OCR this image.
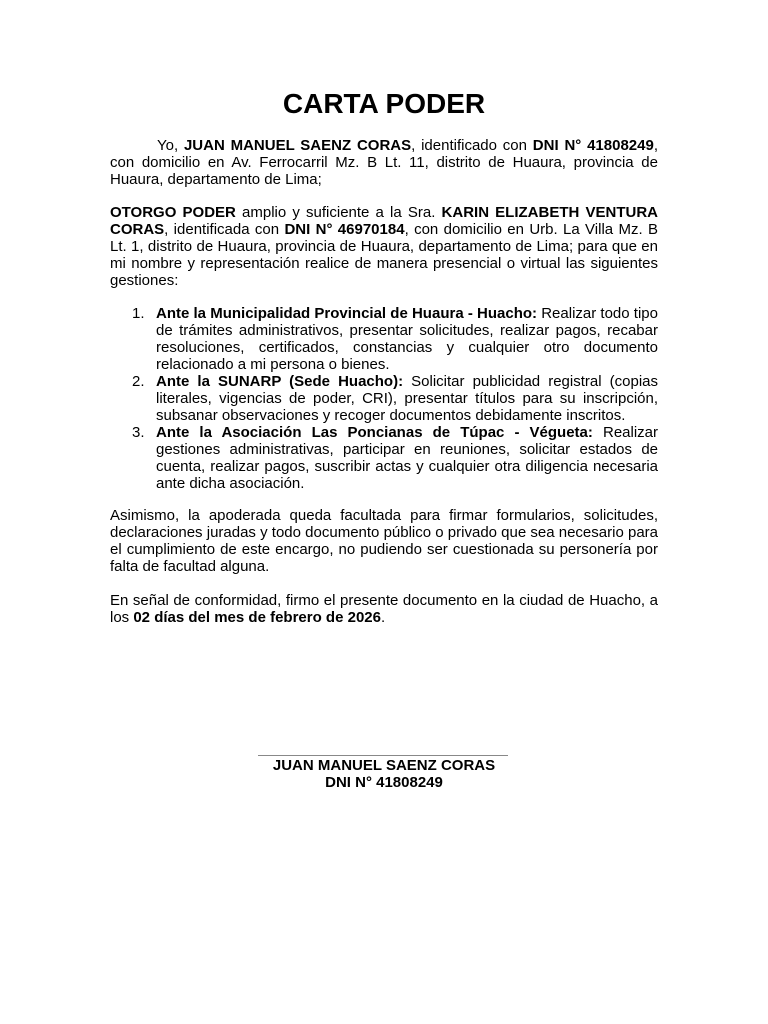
CARTA PODER

Yo, JUAN MANUEL SAENZ CORAS, identificado con DNI N° 41808249, con domicilio en Av. Ferrocarril Mz. B Lt. 11, distrito de Huaura, provincia de Huaura, departamento de Lima;

OTORGO PODER amplio y suficiente a la Sra. KARIN ELIZABETH VENTURA CORAS, identificada con DNI N° 46970184, con domicilio en Urb. La Villa Mz. B Lt. 1, distrito de Huaura, provincia de Huaura, departamento de Lima; para que en mi nombre y representación realice de manera presencial o virtual las siguientes gestiones:

1. Ante la Municipalidad Provincial de Huaura - Huacho: Realizar todo tipo de trámites administrativos, presentar solicitudes, realizar pagos, recabar resoluciones, certificados, constancias y cualquier otro documento relacionado a mi persona o bienes.
2. Ante la SUNARP (Sede Huacho): Solicitar publicidad registral (copias literales, vigencias de poder, CRI), presentar títulos para su inscripción, subsanar observaciones y recoger documentos debidamente inscritos.
3. Ante la Asociación Las Poncianas de Túpac - Végueta: Realizar gestiones administrativas, participar en reuniones, solicitar estados de cuenta, realizar pagos, suscribir actas y cualquier otra diligencia necesaria ante dicha asociación.

Asimismo, la apoderada queda facultada para firmar formularios, solicitudes, declaraciones juradas y todo documento público o privado que sea necesario para el cumplimiento de este encargo, no pudiendo ser cuestionada su personería por falta de facultad alguna.

En señal de conformidad, firmo el presente documento en la ciudad de Huacho, a los 02 días del mes de febrero de 2026.

JUAN MANUEL SAENZ CORAS
DNI N° 41808249
